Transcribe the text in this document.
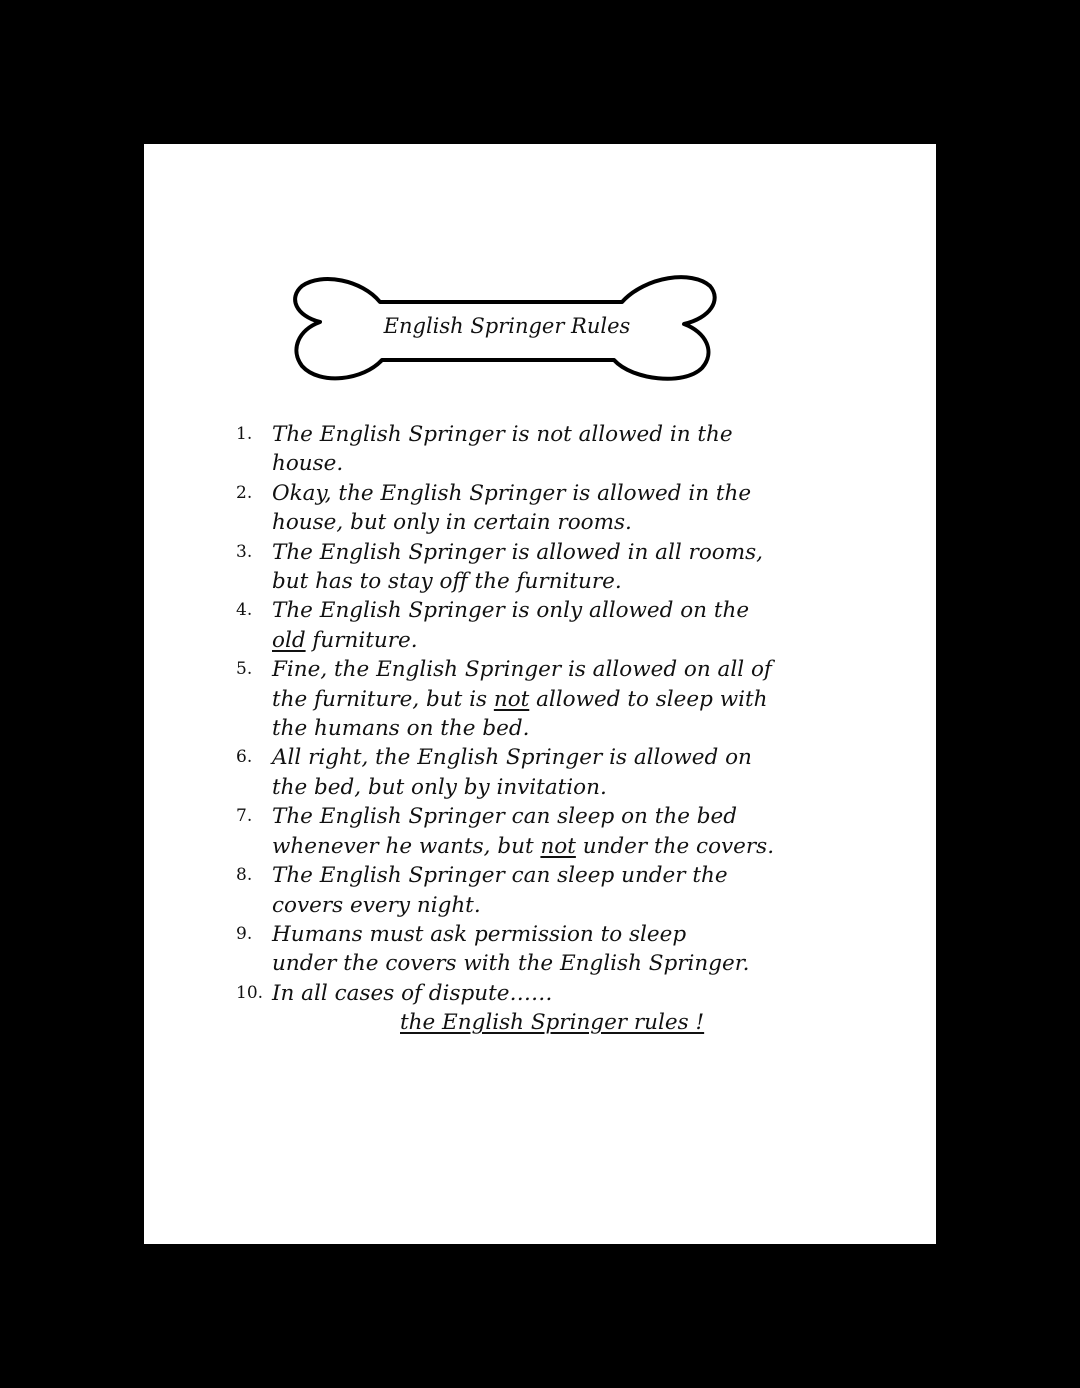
English Springer Rules
1. The English Springer is not allowed in the
house.
2. Okay, the English Springer is allowed in the
house, but only in certain rooms.
3. The English Springer is allowed in all rooms,
but has to stay off the furniture.
4. The English Springer is only allowed on the
old furniture.
5. Fine, the English Springer is allowed on all of
the furniture, but is not allowed to sleep with
the humans on the bed.
6. All right, the English Springer is allowed on
the bed, but only by invitation.
7. The English Springer can sleep on the bed
whenever he wants, but not under the covers.
8. The English Springer can sleep under the
covers every night.
9. Humans must ask permission to sleep
under the covers with the English Springer.
10. In all cases of dispute……
the English Springer rules !
